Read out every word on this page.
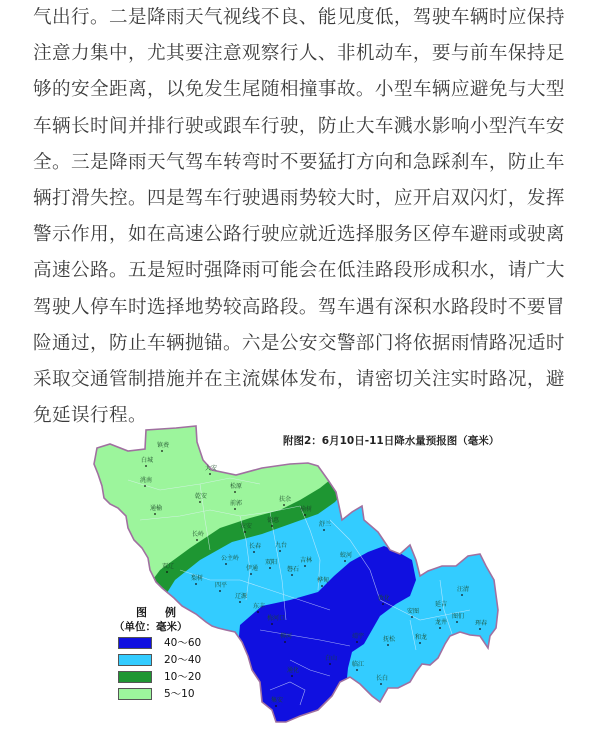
气出行。二是降雨天气视线不良、能见度低，驾驶车辆时应保持
注意力集中，尤其要注意观察行人、非机动车，要与前车保持足
够的安全距离，以免发生尾随相撞事故。小型车辆应避免与大型
车辆长时间并排行驶或跟车行驶，防止大车溅水影响小型汽车安
全。三是降雨天气驾车转弯时不要猛打方向和急踩刹车，防止车
辆打滑失控。四是驾车行驶遇雨势较大时，应开启双闪灯，发挥
警示作用，如在高速公路行驶应就近选择服务区停车避雨或驶离
高速公路。五是短时强降雨可能会在低洼路段形成积水，请广大
驾驶人停车时选择地势较高路段。驾车遇有深积水路段时不要冒
险通过，防止车辆抛锚。六是公安交警部门将依据雨情路况适时
采取交通管制措施并在主流媒体发布，请密切关注实时路况，避
免延误行程。
镇赉
白城
洮南
大安
松原
乾安
前郭
通榆
扶余
榆树
长岭
农安
德惠
舒兰
双辽
长春 九台
公主岭
伊通
双阳
磐石
吉林
蛟河
梨树
四平
辽源
东丰
桦甸
敦化
汪清
图们
珲春
延吉
龙井
安图
和龙
抚松
靖宇
长白
临江
白山
通化
柳河
梅河口
集安
附图2：6月10日-11日降水量预报图（毫米）
图例
（单位：毫米）
40～60
20～40
10～20
5～10
